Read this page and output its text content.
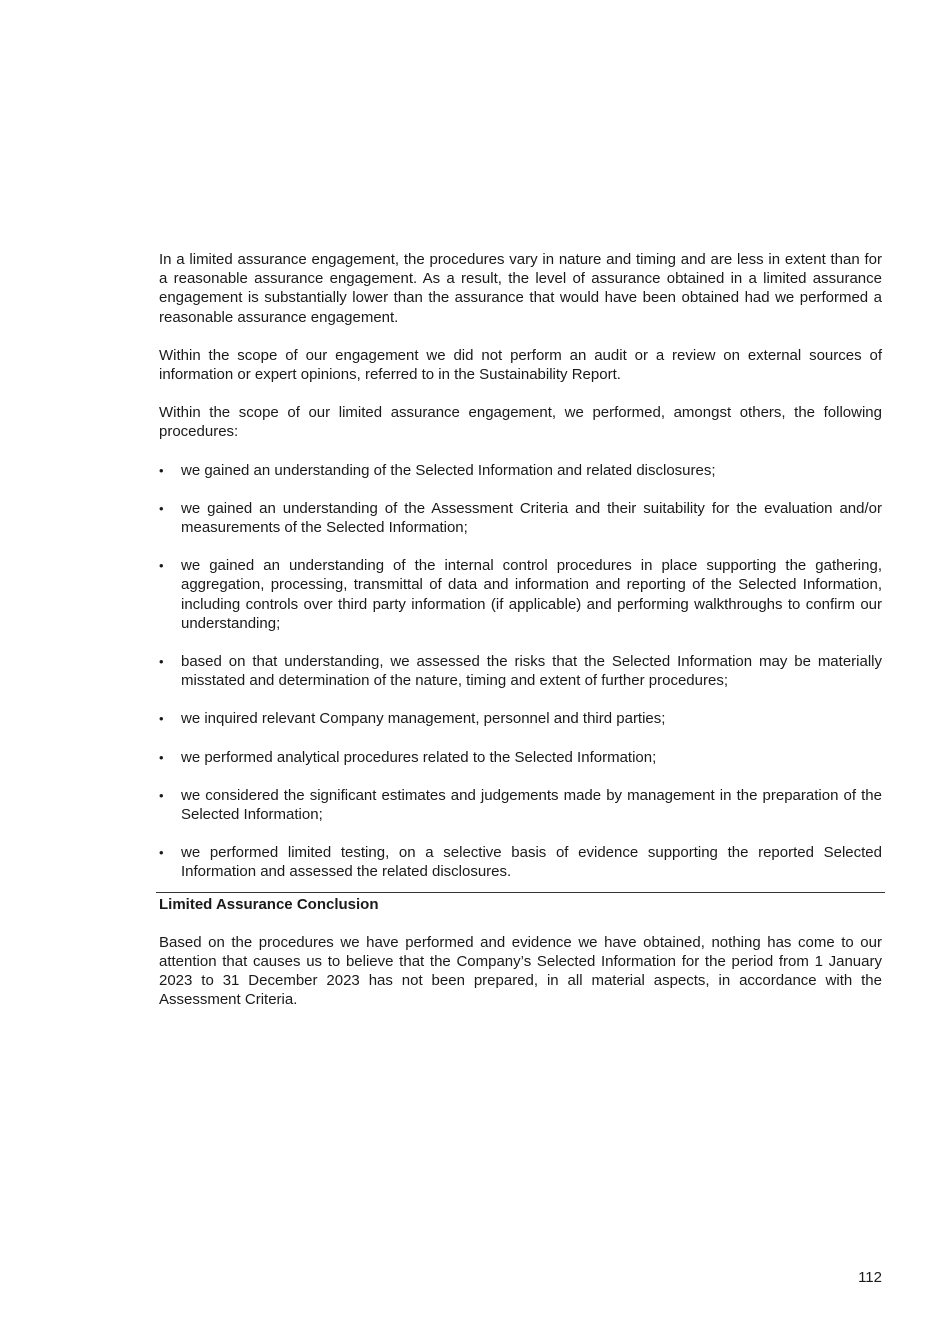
In a limited assurance engagement, the procedures vary in nature and timing and are less in extent than for a reasonable assurance engagement. As a result, the level of assurance obtained in a limited assurance engagement is substantially lower than the assurance that would have been obtained had we performed a reasonable assurance engagement.

Within the scope of our engagement we did not perform an audit or a review on external sources of information or expert opinions, referred to in the Sustainability Report.

Within the scope of our limited assurance engagement, we performed, amongst others, the following procedures:

•	we gained an understanding of the Selected Information and related disclosures;
•	we gained an understanding of the Assessment Criteria and their suitability for the evaluation and/or measurements of the Selected Information;
•	we gained an understanding of the internal control procedures in place supporting the gathering, aggregation, processing, transmittal of data and information and reporting of the Selected Information, including controls over third party information (if applicable) and performing walkthroughs to confirm our understanding;
•	based on that understanding, we assessed the risks that the Selected Information may be materially misstated and determination of the nature, timing and extent of further procedures;
•	we inquired relevant Company management, personnel and third parties;
•	we performed analytical procedures related to the Selected Information;
•	we considered the significant estimates and judgements made by management in the preparation of the Selected Information;
•	we performed limited testing, on a selective basis of evidence supporting the reported Selected Information and assessed the related disclosures.
Limited Assurance Conclusion

Based on the procedures we have performed and evidence we have obtained, nothing has come to our attention that causes us to believe that the Company’s Selected Information for the period from 1 January 2023 to 31 December 2023 has not been prepared, in all material aspects, in accordance with the Assessment Criteria.

112
